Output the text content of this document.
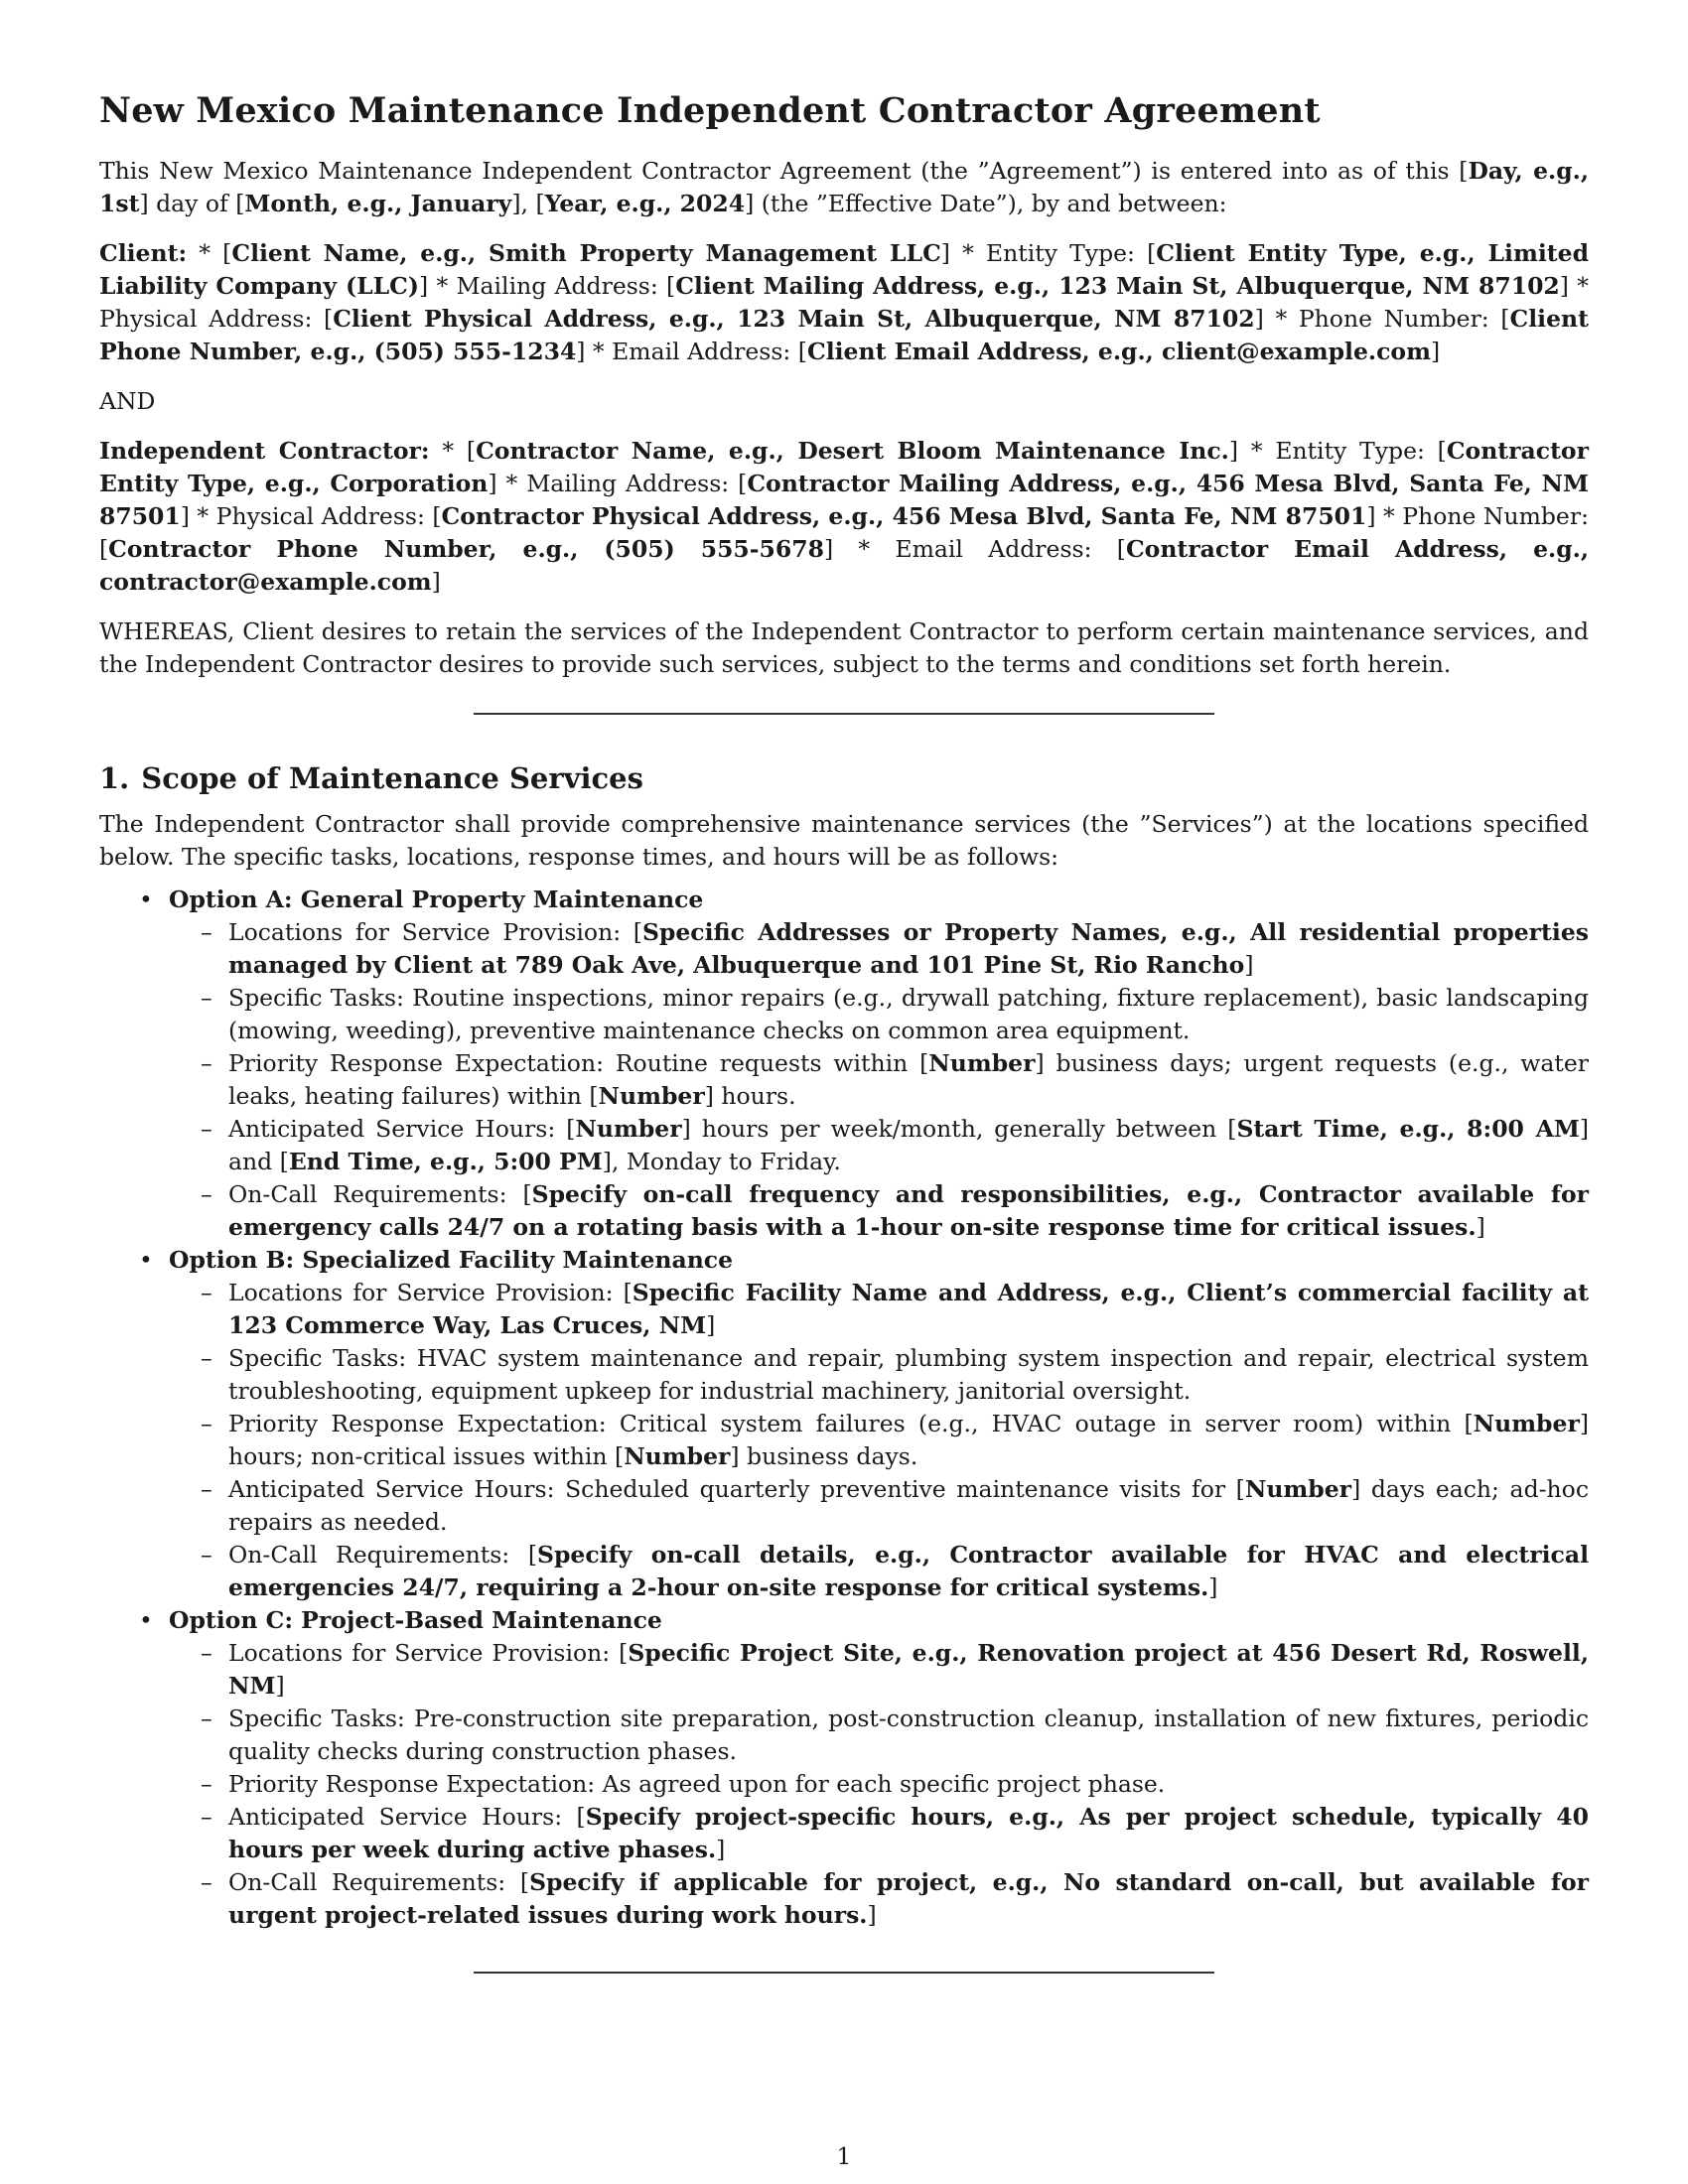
New Mexico Maintenance Independent Contractor Agreement

This New Mexico Maintenance Independent Contractor Agreement (the ”Agreement”) is entered into as of this [Day, e.g., 1st] day of [Month, e.g., January], [Year, e.g., 2024] (the ”Effective Date”), by and between:

Client: * [Client Name, e.g., Smith Property Management LLC] * Entity Type: [Client Entity Type, e.g., Limited Liability Company (LLC)] * Mailing Address: [Client Mailing Address, e.g., 123 Main St, Albuquerque, NM 87102] * Physical Address: [Client Physical Address, e.g., 123 Main St, Albuquerque, NM 87102] * Phone Number: [Client Phone Number, e.g., (505) 555-1234] * Email Address: [Client Email Address, e.g., client@example.com]

AND

Independent Contractor: * [Contractor Name, e.g., Desert Bloom Maintenance Inc.] * Entity Type: [Contractor Entity Type, e.g., Corporation] * Mailing Address: [Contractor Mailing Address, e.g., 456 Mesa Blvd, Santa Fe, NM 87501] * Physical Address: [Contractor Physical Address, e.g., 456 Mesa Blvd, Santa Fe, NM 87501] * Phone Number: [Contractor Phone Number, e.g., (505) 555-5678] * Email Address: [Contractor Email Address, e.g., contractor@example.com]

WHEREAS, Client desires to retain the services of the Independent Contractor to perform certain maintenance services, and the Independent Contractor desires to provide such services, subject to the terms and conditions set forth herein.

1. Scope of Maintenance Services

The Independent Contractor shall provide comprehensive maintenance services (the ”Services”) at the locations specified below. The specific tasks, locations, response times, and hours will be as follows:

• Option A: General Property Maintenance
– Locations for Service Provision: [Specific Addresses or Property Names, e.g., All residential properties managed by Client at 789 Oak Ave, Albuquerque and 101 Pine St, Rio Rancho]
– Specific Tasks: Routine inspections, minor repairs (e.g., drywall patching, fixture replacement), basic landscaping (mowing, weeding), preventive maintenance checks on common area equipment.
– Priority Response Expectation: Routine requests within [Number] business days; urgent requests (e.g., water leaks, heating failures) within [Number] hours.
– Anticipated Service Hours: [Number] hours per week/month, generally between [Start Time, e.g., 8:00 AM] and [End Time, e.g., 5:00 PM], Monday to Friday.
– On-Call Requirements: [Specify on-call frequency and responsibilities, e.g., Contractor available for emergency calls 24/7 on a rotating basis with a 1-hour on-site response time for critical issues.]
• Option B: Specialized Facility Maintenance
– Locations for Service Provision: [Specific Facility Name and Address, e.g., Client’s commercial facility at 123 Commerce Way, Las Cruces, NM]
– Specific Tasks: HVAC system maintenance and repair, plumbing system inspection and repair, electrical system troubleshooting, equipment upkeep for industrial machinery, janitorial oversight.
– Priority Response Expectation: Critical system failures (e.g., HVAC outage in server room) within [Number] hours; non-critical issues within [Number] business days.
– Anticipated Service Hours: Scheduled quarterly preventive maintenance visits for [Number] days each; ad-hoc repairs as needed.
– On-Call Requirements: [Specify on-call details, e.g., Contractor available for HVAC and electrical emergencies 24/7, requiring a 2-hour on-site response for critical systems.]
• Option C: Project-Based Maintenance
– Locations for Service Provision: [Specific Project Site, e.g., Renovation project at 456 Desert Rd, Roswell, NM]
– Specific Tasks: Pre-construction site preparation, post-construction cleanup, installation of new fixtures, periodic quality checks during construction phases.
– Priority Response Expectation: As agreed upon for each specific project phase.
– Anticipated Service Hours: [Specify project-specific hours, e.g., As per project schedule, typically 40 hours per week during active phases.]
– On-Call Requirements: [Specify if applicable for project, e.g., No standard on-call, but available for urgent project-related issues during work hours.]
1
